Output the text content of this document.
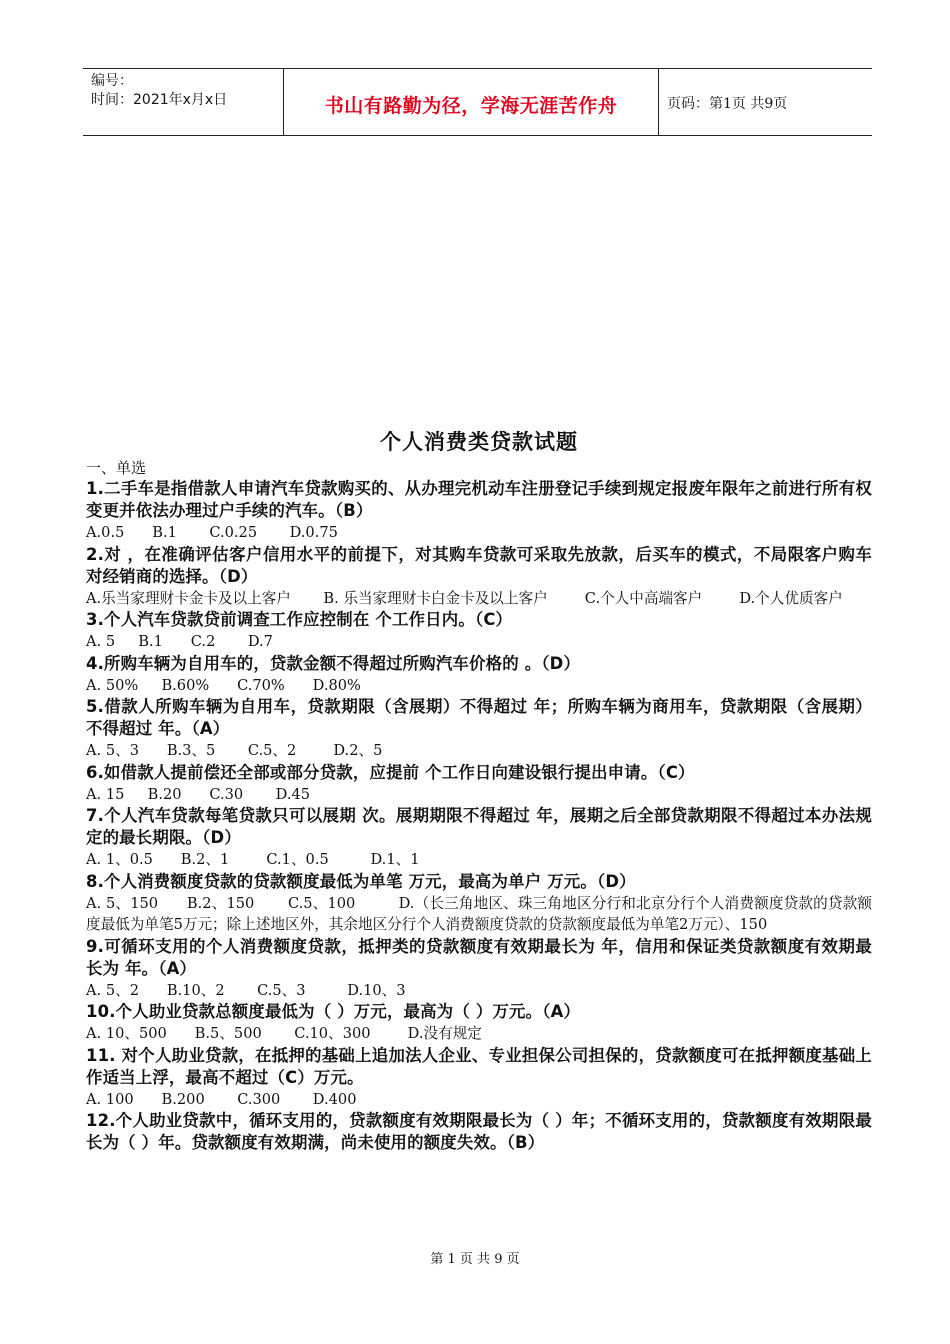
编号：
时间：2021年x月x日	书山有路勤为径，学海无涯苦作舟	页码：第1页 共9页
个人消费类贷款试题
一、单选

1.二手车是指借款人申请汽车贷款购买的、从办理完机动车注册登记手续到规定报废年限年之前进行所有权变更并依法办理过户手续的汽车。（B）

A.0.5      B.1       C.0.25       D.0.75

2.对 ，在准确评估客户信用水平的前提下，对其购车贷款可采取先放款，后买车的模式，不局限客户购车对经销商的选择。（D）

A.乐当家理财卡金卡及以上客户       B. 乐当家理财卡白金卡及以上客户        C.个人中高端客户        D.个人优质客户

3.个人汽车贷款贷前调查工作应控制在 个工作日内。（C）

A. 5     B.1      C.2       D.7

4.所购车辆为自用车的，贷款金额不得超过所购汽车价格的 。（D）

A. 50%     B.60%      C.70%      D.80%

5.借款人所购车辆为自用车，贷款期限（含展期）不得超过 年；所购车辆为商用车，贷款期限（含展期）不得超过 年。（A）

A. 5、3      B.3、5       C.5、2        D.2、5

6.如借款人提前偿还全部或部分贷款，应提前 个工作日向建设银行提出申请。（C）

A. 15     B.20      C.30       D.45

7.个人汽车贷款每笔贷款只可以展期 次。展期期限不得超过 年，展期之后全部贷款期限不得超过本办法规定的最长期限。（D）

A. 1、0.5      B.2、1        C.1、0.5         D.1、1

8.个人消费额度贷款的贷款额度最低为单笔 万元，最高为单户 万元。（D）

A. 5、150      B.2、150       C.5、100         D.（长三角地区、珠三角地区分行和北京分行个人消费额度贷款的贷款额度最低为单笔5万元；除上述地区外，其余地区分行个人消费额度贷款的贷款额度最低为单笔2万元）、150

9.可循环支用的个人消费额度贷款，抵押类的贷款额度有效期最长为 年，信用和保证类贷款额度有效期最长为 年。（A）

A. 5、2      B.10、2       C.5、3         D.10、3

10.个人助业贷款总额度最低为（ ）万元，最高为（ ）万元。（A）

A. 10、500      B.5、500       C.10、300        D.没有规定

11. 对个人助业贷款，在抵押的基础上追加法人企业、专业担保公司担保的，贷款额度可在抵押额度基础上作适当上浮，最高不超过（C）万元。

A. 100      B.200       C.300       D.400

12.个人助业贷款中，循环支用的，贷款额度有效期限最长为（ ）年；不循环支用的，贷款额度有效期限最长为（ ）年。贷款额度有效期满，尚未使用的额度失效。（B）

第 1 页 共 9 页
